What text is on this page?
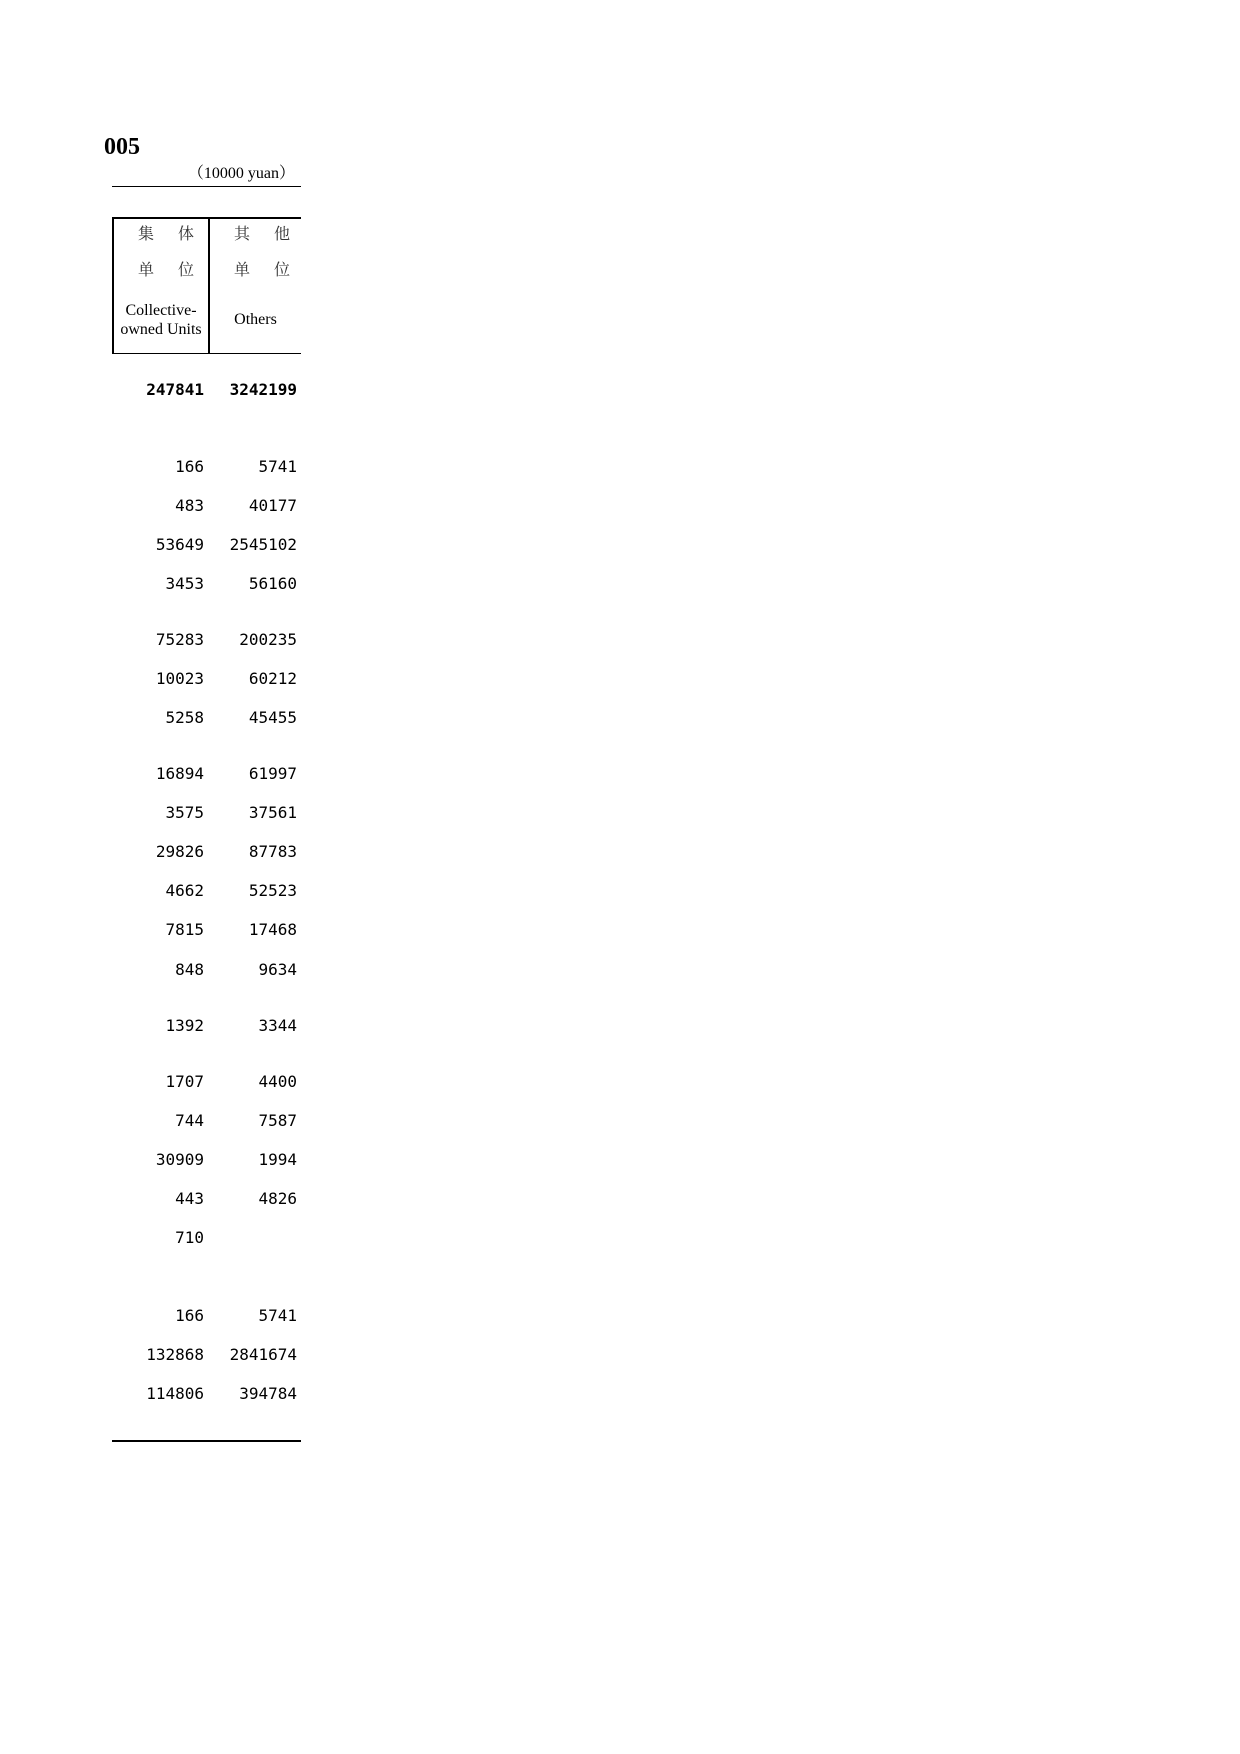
005
（10000 yuan）
集体
单位
Collective-
owned Units
其他
单位
Others
247841	3242199
166	5741
483	40177
53649	2545102
3453	56160
75283	200235
10023	60212
5258	45455
16894	61997
3575	37561
29826	87783
4662	52523
7815	17468
848	9634
1392	3344
1707	4400
744	7587
30909	1994
443	4826
710
166	5741
132868	2841674
114806	394784
